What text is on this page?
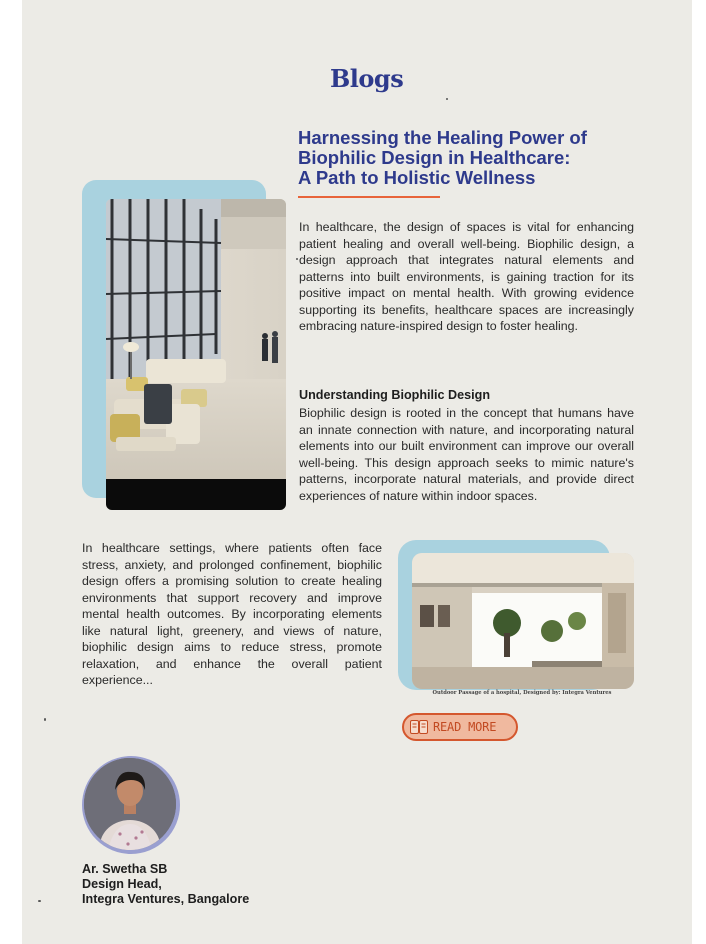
Blogs
Harnessing the Healing Power of
Biophilic Design in Healthcare:
A Path to Holistic Wellness
In healthcare, the design of spaces is vital for enhancing patient healing and overall well-being. Biophilic design, a design approach that integrates natural elements and patterns into built environments, is gaining traction for its positive impact on mental health. With growing evidence supporting its benefits, healthcare spaces are increasingly embracing nature-inspired design to foster healing.
Understanding Biophilic Design
Biophilic design is rooted in the concept that humans have an innate connection with nature, and incorporating natural elements into our built environment can improve our overall well-being. This design approach seeks to mimic nature's patterns, incorporate natural materials, and provide direct experiences of nature within indoor spaces.
In healthcare settings, where patients often face stress, anxiety, and prolonged confinement, biophilic design offers a promising solution to create healing environments that support recovery and improve mental health outcomes. By incorporating elements like natural light, greenery, and views of nature, biophilic design aims to reduce stress, promote relaxation, and enhance the overall patient experience...
Outdoor Passage of a hospital, Designed by: Integra Ventures
READ MORE
Ar. Swetha SB
Design Head,
Integra Ventures, Bangalore
